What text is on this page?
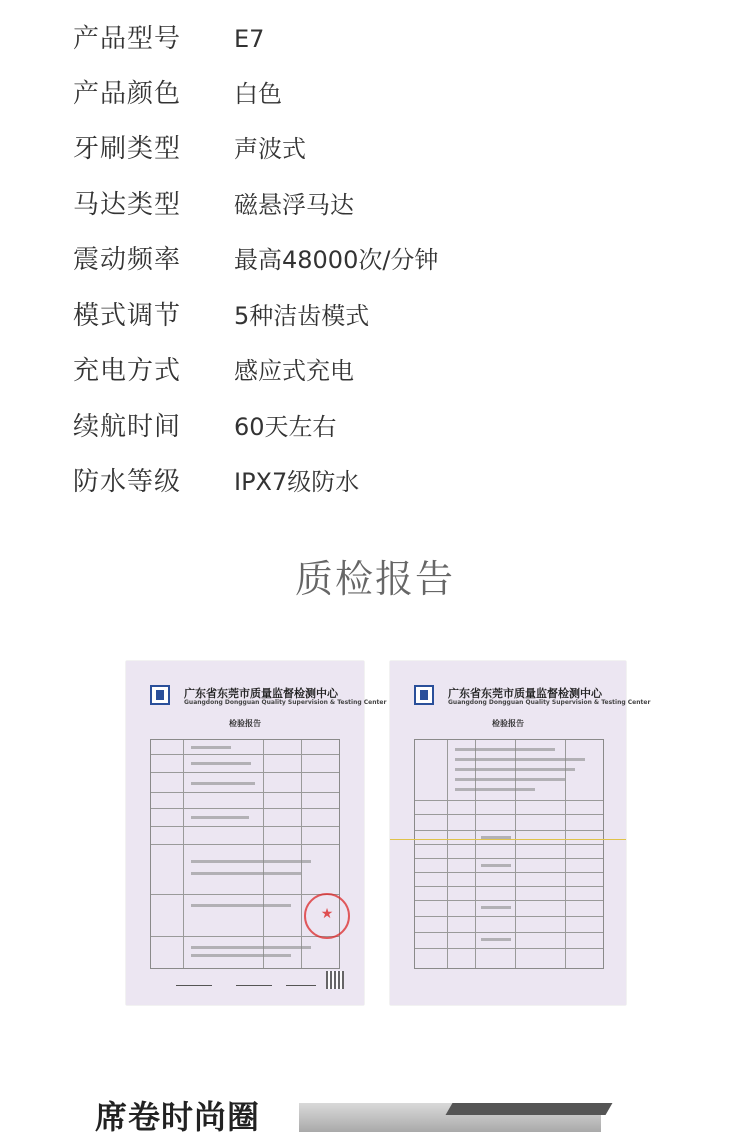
产品型号 E7
产品颜色 白色
牙刷类型 声波式
马达类型 磁悬浮马达
震动频率 最高48000次/分钟
模式调节 5种洁齿模式
充电方式 感应式充电
续航时间 60天左右
防水等级 IPX7级防水
质检报告
广东省东莞市质量监督检测中心
Guangdong Dongguan Quality Supervision & Testing Center
检验报告
★
广东省东莞市质量监督检测中心
Guangdong Dongguan Quality Supervision & Testing Center
检验报告
席卷时尚圈
